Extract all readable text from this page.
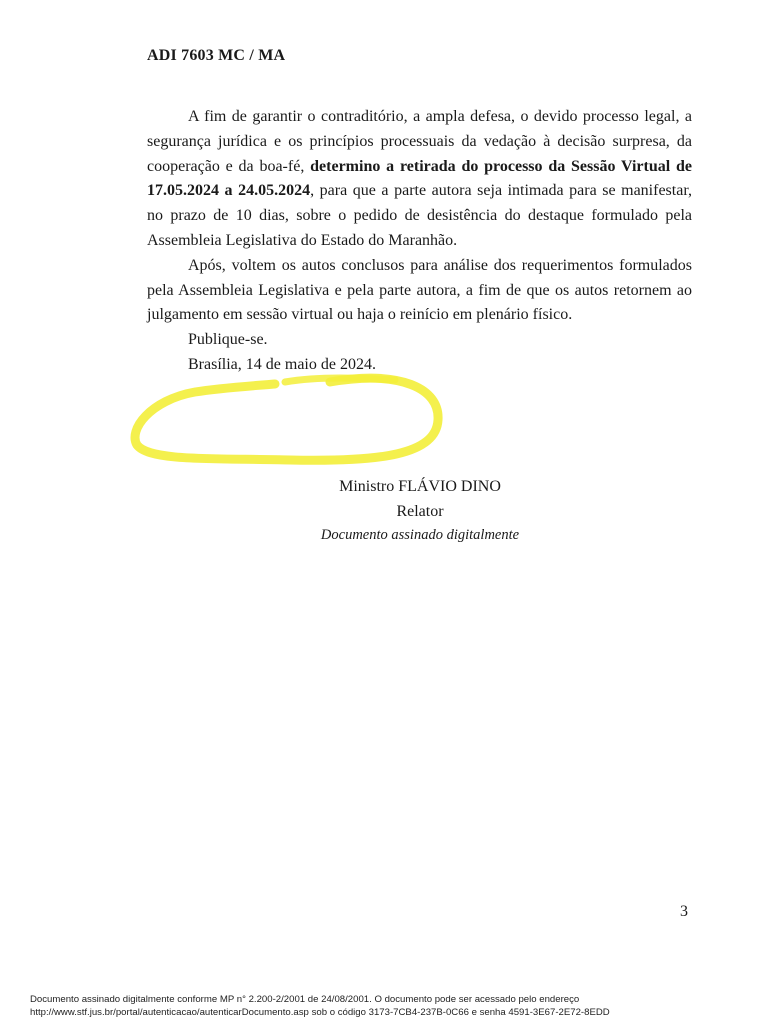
ADI 7603 MC / MA

A fim de garantir o contraditório, a ampla defesa, o devido processo legal, a segurança jurídica e os princípios processuais da vedação à decisão surpresa, da cooperação e da boa-fé, determino a retirada do processo da Sessão Virtual de 17.05.2024 a 24.05.2024, para que a parte autora seja intimada para se manifestar, no prazo de 10 dias, sobre o pedido de desistência do destaque formulado pela Assembleia Legislativa do Estado do Maranhão.

Após, voltem os autos conclusos para análise dos requerimentos formulados pela Assembleia Legislativa e pela parte autora, a fim de que os autos retornem ao julgamento em sessão virtual ou haja o reinício em plenário físico.

Publique-se.
Brasília, 14 de maio de 2024.
Ministro FLÁVIO DINO
Relator
Documento assinado digitalmente
3
Documento assinado digitalmente conforme MP n° 2.200-2/2001 de 24/08/2001. O documento pode ser acessado pelo endereço
http://www.stf.jus.br/portal/autenticacao/autenticarDocumento.asp sob o código 3173-7CB4-237B-0C66 e senha 4591-3E67-2E72-8EDD
